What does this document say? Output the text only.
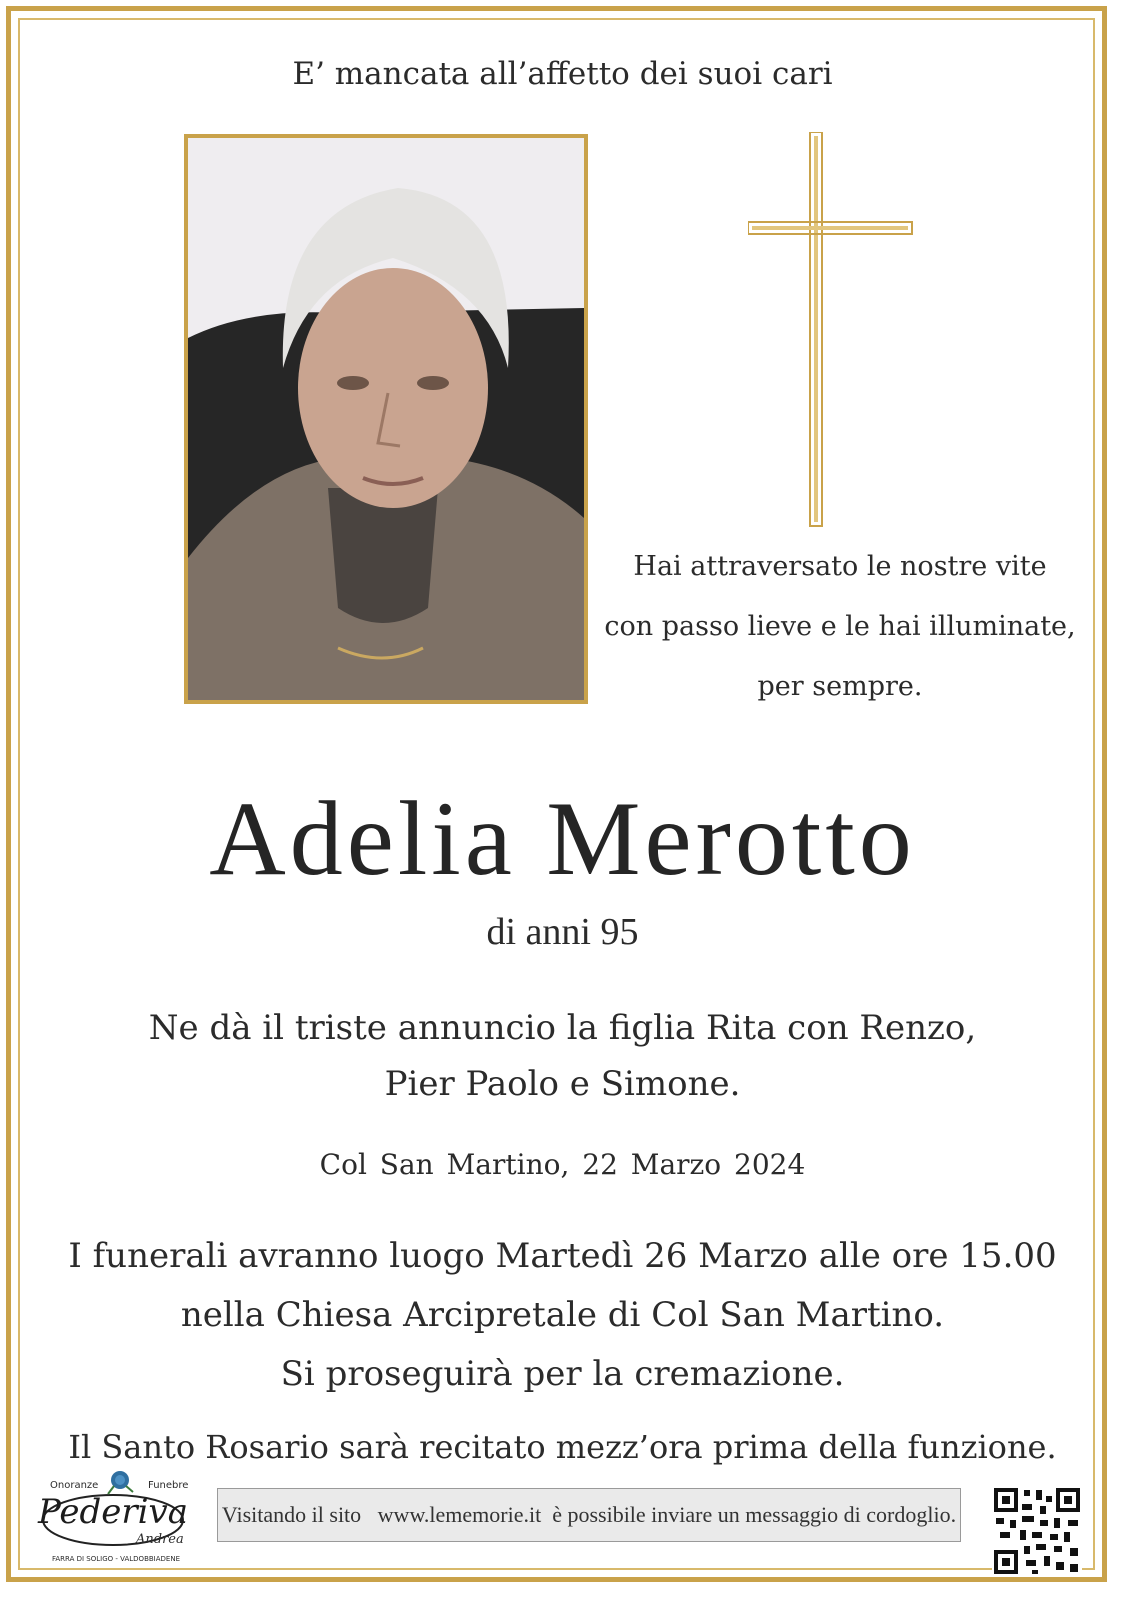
E’ mancata all’affetto dei suoi cari
Hai attraversato le nostre vite
con passo lieve e le hai illuminate,
per sempre.
Adelia Merotto
di anni 95
Ne dà il triste annuncio la figlia Rita con Renzo,
Pier Paolo e Simone.
Col San Martino, 22 Marzo 2024
I funerali avranno luogo Martedì 26 Marzo alle ore 15.00
nella Chiesa Arcipretale di Col San Martino.
Si proseguirà per la cremazione.
Il Santo Rosario sarà recitato mezz’ora prima della funzione.
Onoranze	Funebre
Pederiva
Andrea
FARRA DI SOLIGO - VALDOBBIADENE
Visitando il sito   www.lememorie.it  è possibile inviare un messaggio di cordoglio.
